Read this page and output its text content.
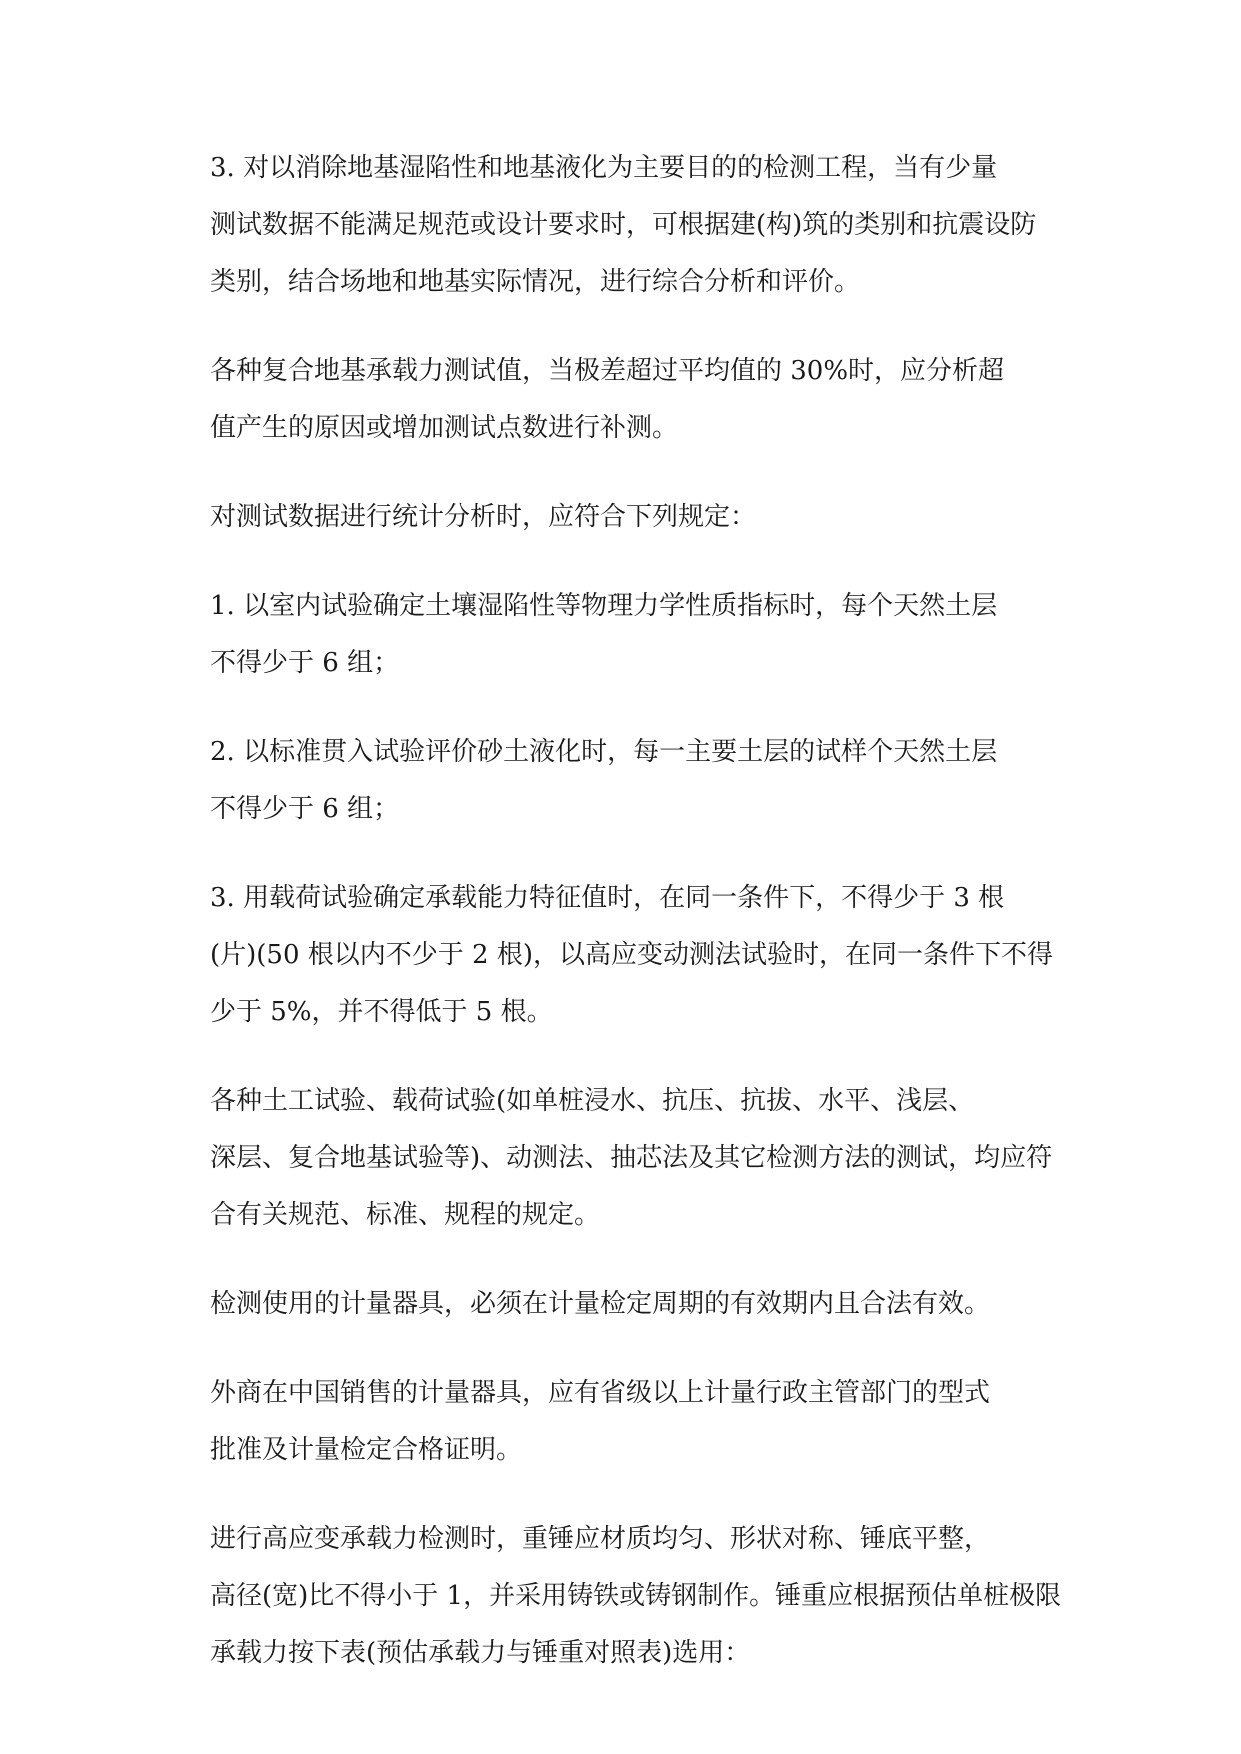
3. 对以消除地基湿陷性和地基液化为主要目的的检测工程，当有少量
测试数据不能满足规范或设计要求时，可根据建(构)筑的类别和抗震设防
类别，结合场地和地基实际情况，进行综合分析和评价。

各种复合地基承载力测试值，当极差超过平均值的 30%时，应分析超
值产生的原因或增加测试点数进行补测。

对测试数据进行统计分析时，应符合下列规定：

1. 以室内试验确定土壤湿陷性等物理力学性质指标时，每个天然土层
不得少于 6 组；

2. 以标准贯入试验评价砂土液化时，每一主要土层的试样个天然土层
不得少于 6 组；

3. 用载荷试验确定承载能力特征值时，在同一条件下，不得少于 3 根
(片)(50 根以内不少于 2 根)，以高应变动测法试验时，在同一条件下不得
少于 5%，并不得低于 5 根。

各种土工试验、载荷试验(如单桩浸水、抗压、抗拔、水平、浅层、
深层、复合地基试验等)、动测法、抽芯法及其它检测方法的测试，均应符
合有关规范、标准、规程的规定。

检测使用的计量器具，必须在计量检定周期的有效期内且合法有效。

外商在中国销售的计量器具，应有省级以上计量行政主管部门的型式
批准及计量检定合格证明。

进行高应变承载力检测时，重锤应材质均匀、形状对称、锤底平整，
高径(宽)比不得小于 1，并采用铸铁或铸钢制作。锤重应根据预估单桩极限
承载力按下表(预估承载力与锤重对照表)选用：
